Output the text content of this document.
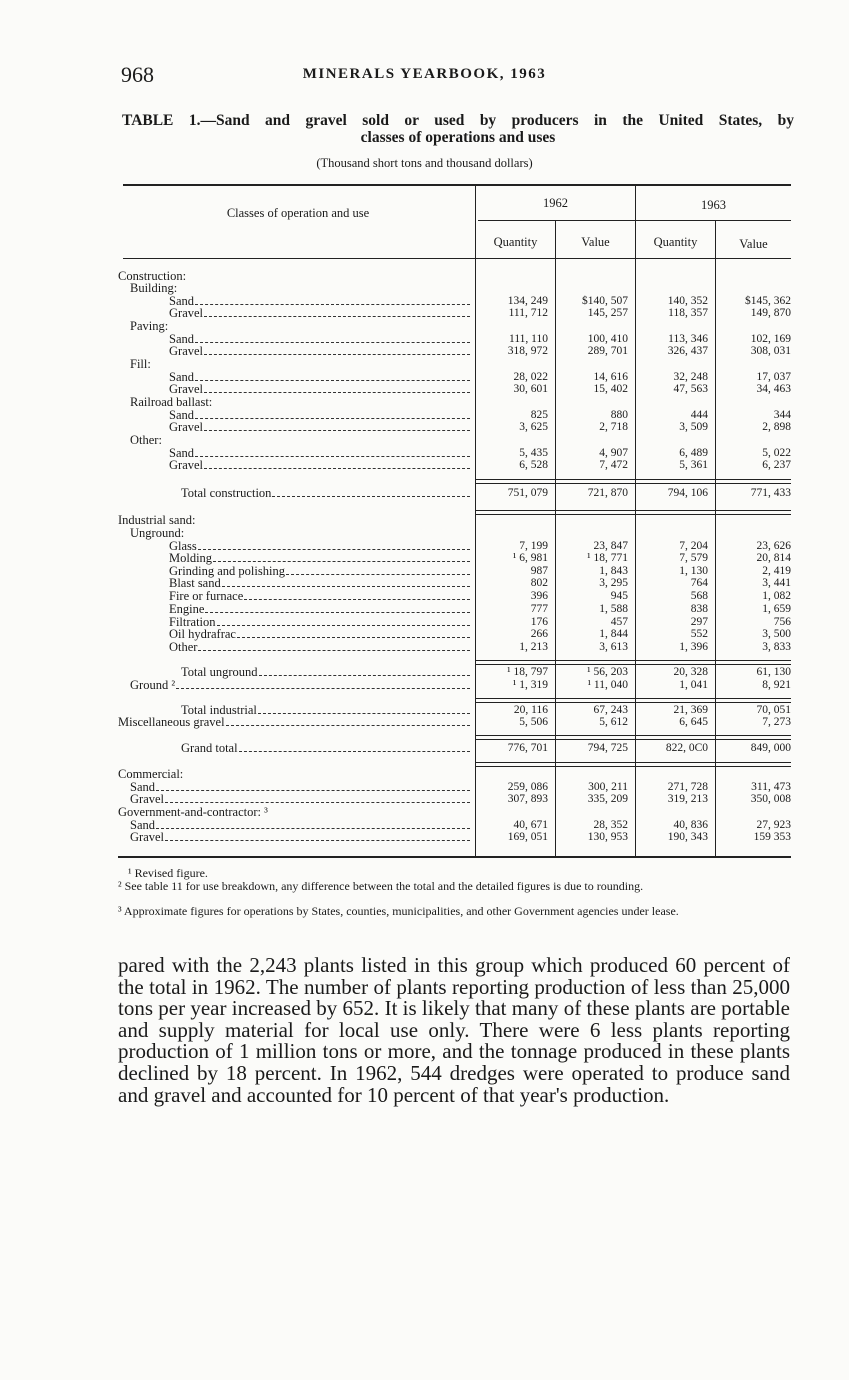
968	MINERALS YEARBOOK, 1963
TABLE 1.—Sand and gravel sold or used by producers in the United States, by
classes of operations and uses
(Thousand short tons and thousand dollars)
Classes of operation and use
1962	1963
Quantity	Value	Quantity	Value
Construction:
Building:
Sand	134, 249	$140, 507	140, 352	$145, 362
Gravel	111, 712	145, 257	118, 357	149, 870
Paving:
Sand	111, 110	100, 410	113, 346	102, 169
Gravel	318, 972	289, 701	326, 437	308, 031
Fill:
Sand	28, 022	14, 616	32, 248	17, 037
Gravel	30, 601	15, 402	47, 563	34, 463
Railroad ballast:
Sand	825	880	444	344
Gravel	3, 625	2, 718	3, 509	2, 898
Other:
Sand	5, 435	4, 907	6, 489	5, 022
Gravel	6, 528	7, 472	5, 361	6, 237
Total construction	751, 079	721, 870	794, 106	771, 433
Industrial sand:
Unground:
Glass	7, 199	23, 847	7, 204	23, 626
Molding	¹ 6, 981	¹ 18, 771	7, 579	20, 814
Grinding and polishing	987	1, 843	1, 130	2, 419
Blast sand	802	3, 295	764	3, 441
Fire or furnace	396	945	568	1, 082
Engine	777	1, 588	838	1, 659
Filtration	176	457	297	756
Oil hydrafrac	266	1, 844	552	3, 500
Other	1, 213	3, 613	1, 396	3, 833
Total unground	¹ 18, 797	¹ 56, 203	20, 328	61, 130
Ground ²	¹ 1, 319	¹ 11, 040	1, 041	8, 921
Total industrial	20, 116	67, 243	21, 369	70, 051
Miscellaneous gravel	5, 506	5, 612	6, 645	7, 273
Grand total	776, 701	794, 725	822, 0C0	849, 000
Commercial:
Sand	259, 086	300, 211	271, 728	311, 473
Gravel	307, 893	335, 209	319, 213	350, 008
Government-and-contractor: ³
Sand	40, 671	28, 352	40, 836	27, 923
Gravel	169, 051	130, 953	190, 343	159 353
¹ Revised figure.
² See table 11 for use breakdown, any difference between the total and the detailed figures is due to rounding.
³ Approximate figures for operations by States, counties, municipalities, and other Government agencies under lease.
pared with the 2,243 plants listed in this group which produced 60 percent of the total in 1962. The number of plants reporting production of less than 25,000 tons per year increased by 652. It is likely that many of these plants are portable and supply material for local use only. There were 6 less plants reporting production of 1 million tons or more, and the tonnage produced in these plants declined by 18 percent. In 1962, 544 dredges were operated to produce sand and gravel and accounted for 10 percent of that year's production.
